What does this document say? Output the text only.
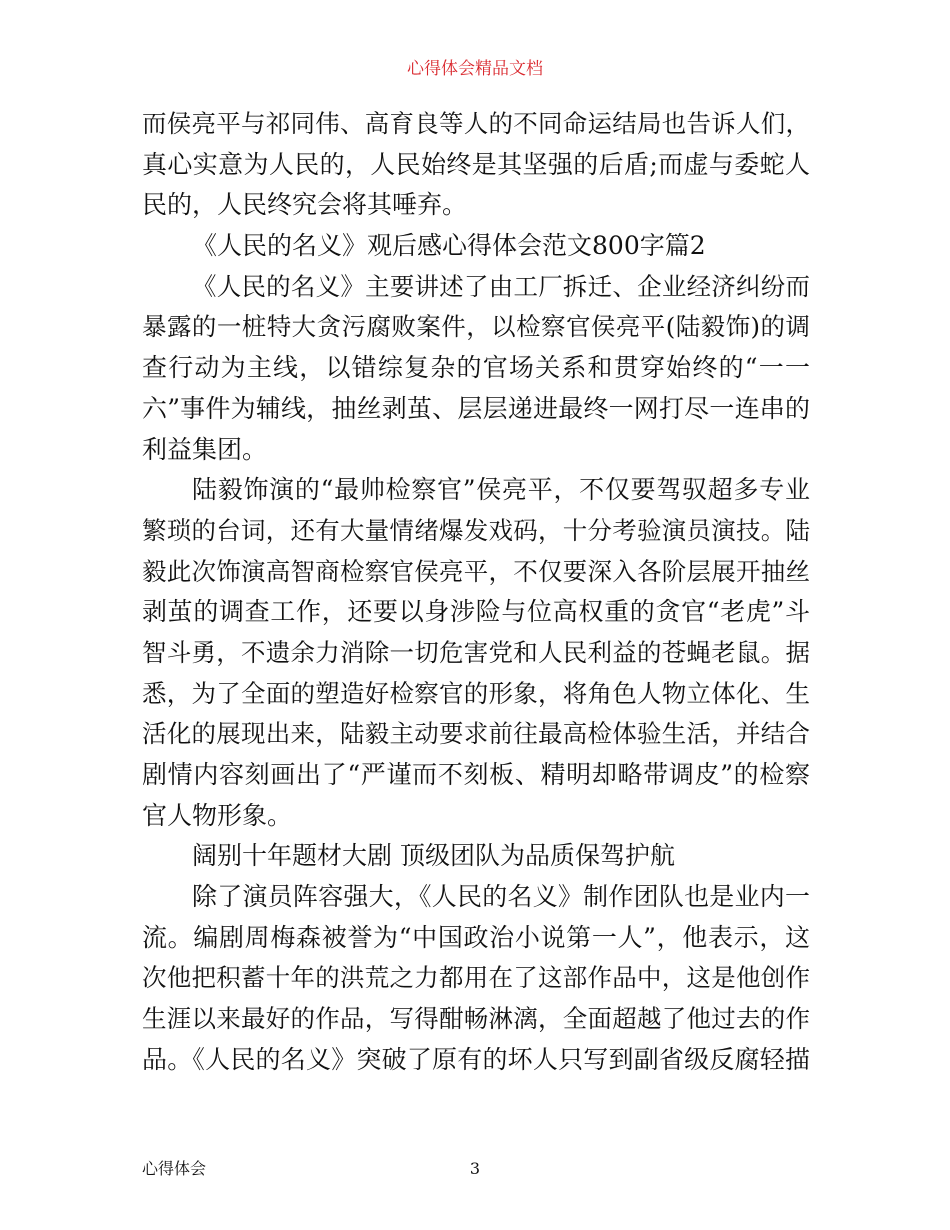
心得体会精品文档
而侯亮平与祁同伟、高育良等人的不同命运结局也告诉人们，
真心实意为人民的，人民始终是其坚强的后盾;而虚与委蛇人
民的，人民终究会将其唾弃。
《人民的名义》观后感心得体会范文800字篇2
《人民的名义》主要讲述了由工厂拆迁、企业经济纠纷而
暴露的一桩特大贪污腐败案件，以检察官侯亮平(陆毅饰)的调
查行动为主线，以错综复杂的官场关系和贯穿始终的“一一
六”事件为辅线，抽丝剥茧、层层递进最终一网打尽一连串的
利益集团。
陆毅饰演的“最帅检察官”侯亮平，不仅要驾驭超多专业
繁琐的台词，还有大量情绪爆发戏码，十分考验演员演技。陆
毅此次饰演高智商检察官侯亮平，不仅要深入各阶层展开抽丝
剥茧的调查工作，还要以身涉险与位高权重的贪官“老虎”斗
智斗勇，不遗余力消除一切危害党和人民利益的苍蝇老鼠。据
悉，为了全面的塑造好检察官的形象，将角色人物立体化、生
活化的展现出来，陆毅主动要求前往最高检体验生活，并结合
剧情内容刻画出了“严谨而不刻板、精明却略带调皮”的检察
官人物形象。
阔别十年题材大剧 顶级团队为品质保驾护航
除了演员阵容强大，《人民的名义》制作团队也是业内一
流。编剧周梅森被誉为“中国政治小说第一人”，他表示，这
次他把积蓄十年的洪荒之力都用在了这部作品中，这是他创作
生涯以来最好的作品，写得酣畅淋漓，全面超越了他过去的作
品。《人民的名义》突破了原有的坏人只写到副省级反腐轻描
心得体会	3
